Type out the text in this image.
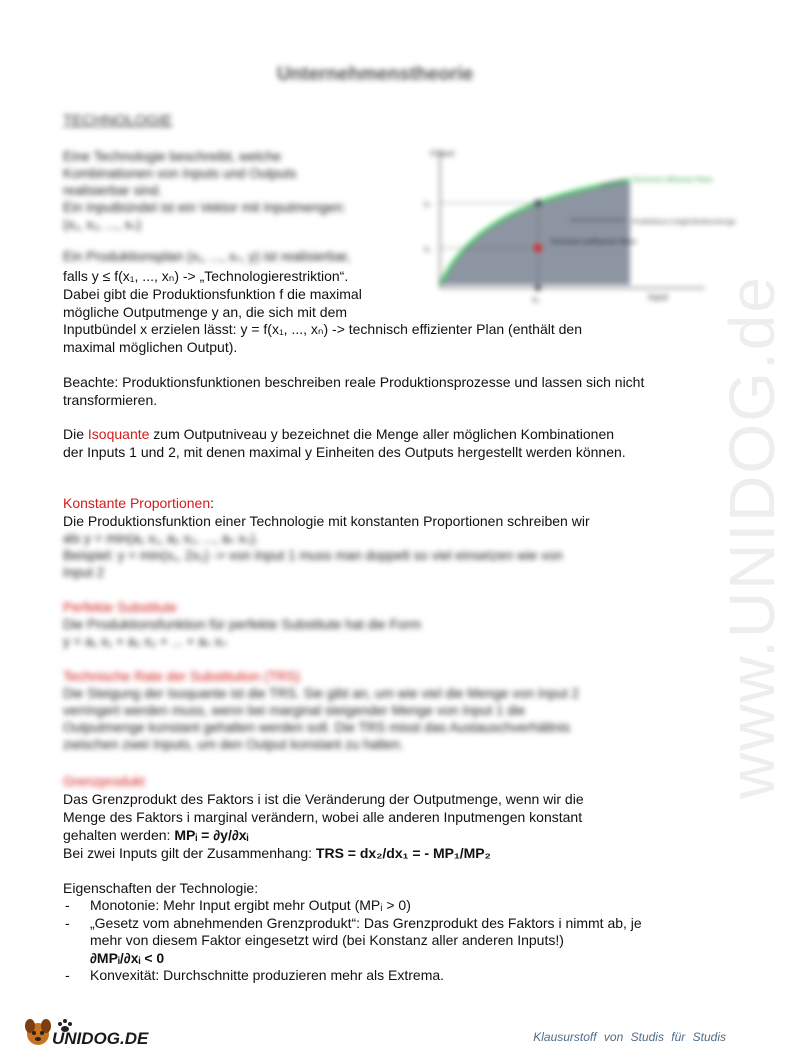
www.UNIDOG.de
Unternehmenstheorie
TECHNOLOGIE
Eine Technologie beschreibt, welche
Kombinationen von Inputs und Outputs
realisierbar sind.
Ein Inputbündel ist ein Vektor mit Inputmengen:
(x₁, x₂, ..., xₙ)
Ein Produktionsplan (x₁, ..., xₙ, y) ist realisierbar,
Output
y₂
y₁
x₁	Input
Technisch effiziente Pläne
Technisch ineffiziente Pläne
Produktions-möglichkeitenmenge
falls y ≤ f(x₁, ..., xₙ) -> „Technologierestriktion“.
Dabei gibt die Produktionsfunktion f die maximal
mögliche Outputmenge y an, die sich mit dem
Inputbündel x erzielen lässt: y = f(x₁, ..., xₙ) -> technisch effizienter Plan (enthält den
maximal möglichen Output).
Beachte: Produktionsfunktionen beschreiben reale Produktionsprozesse und lassen sich nicht transformieren.
Die Isoquante zum Outputniveau y bezeichnet die Menge aller möglichen Kombinationen der Inputs 1 und 2, mit denen maximal y Einheiten des Outputs hergestellt werden können.
Konstante Proportionen:
Die Produktionsfunktion einer Technologie mit konstanten Proportionen schreiben wir
als y = min(a₁ x₁, a₂ x₂, ..., aₙ xₙ).
Beispiel: y = min(x₁, 2x₂) -> von Input 1 muss man doppelt so viel einsetzen wie von
Input 2
Perfekte Substitute
Die Produktionsfunktion für perfekte Substitute hat die Form
y = a₁ x₁ + a₂ x₂ + ... + aₙ xₙ
Technische Rate der Substitution (TRS)
Die Steigung der Isoquante ist die TRS. Sie gibt an, um wie viel die Menge von Input 2
verringert werden muss, wenn bei marginal steigender Menge von Input 1 die
Outputmenge konstant gehalten werden soll. Die TRS misst das Austauschverhältnis
zwischen zwei Inputs, um den Output konstant zu halten.
Grenzprodukt
Das Grenzprodukt des Faktors i ist die Veränderung der Outputmenge, wenn wir die
Menge des Faktors i marginal verändern, wobei alle anderen Inputmengen konstant
gehalten werden: MPᵢ = ∂y/∂xᵢ
Bei zwei Inputs gilt der Zusammenhang: TRS = dx₂/dx₁ = - MP₁/MP₂
Eigenschaften der Technologie:
- Monotonie: Mehr Input ergibt mehr Output (MPᵢ > 0)
- „Gesetz vom abnehmenden Grenzprodukt“: Das Grenzprodukt des Faktors i nimmt ab, je mehr von diesem Faktor eingesetzt wird (bei Konstanz aller anderen Inputs!)
∂MPᵢ/∂xᵢ < 0
- Konvexität: Durchschnitte produzieren mehr als Extrema.
UNIDOG.DE	Klausurstoff von Studis für Studis
